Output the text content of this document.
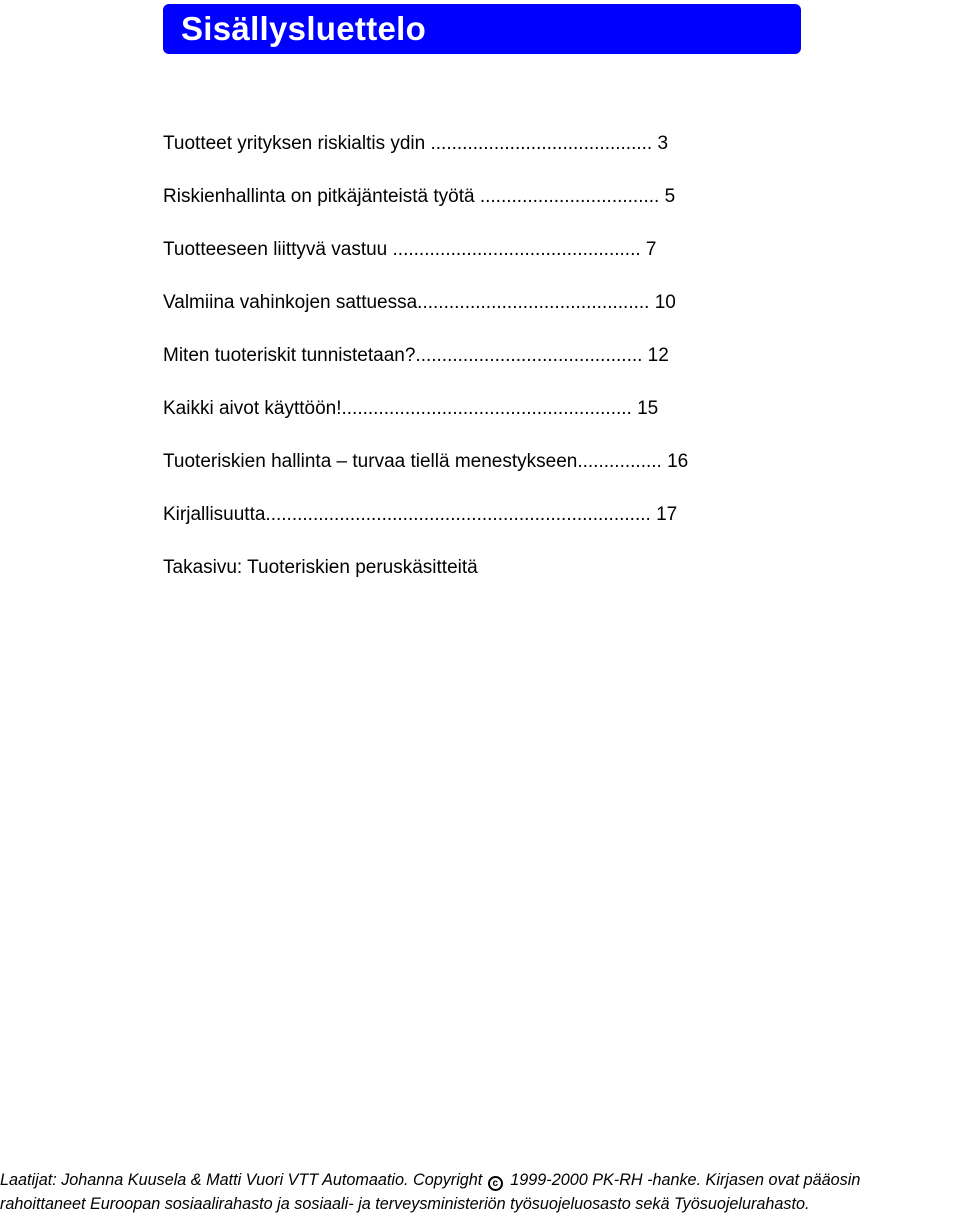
Sisällysluettelo
Tuotteet yrityksen riskialtis ydin .......................................... 3
Riskienhallinta on pitkäjänteistä työtä .................................. 5
Tuotteeseen liittyvä vastuu ............................................... 7
Valmiina vahinkojen sattuessa............................................ 10
Miten tuoteriskit tunnistetaan?........................................... 12
Kaikki aivot käyttöön!....................................................... 15
Tuoteriskien hallinta – turvaa tiellä menestykseen................ 16
Kirjallisuutta......................................................................... 17
Takasivu: Tuoteriskien peruskäsitteitä
Laatijat: Johanna Kuusela & Matti Vuori VTT Automaatio. Copyright c 1999-2000 PK-RH -hanke. Kirjasen ovat pääosin
rahoittaneet Euroopan sosiaalirahasto ja sosiaali- ja terveysministeriön työsuojeluosasto sekä Työsuojelurahasto.
